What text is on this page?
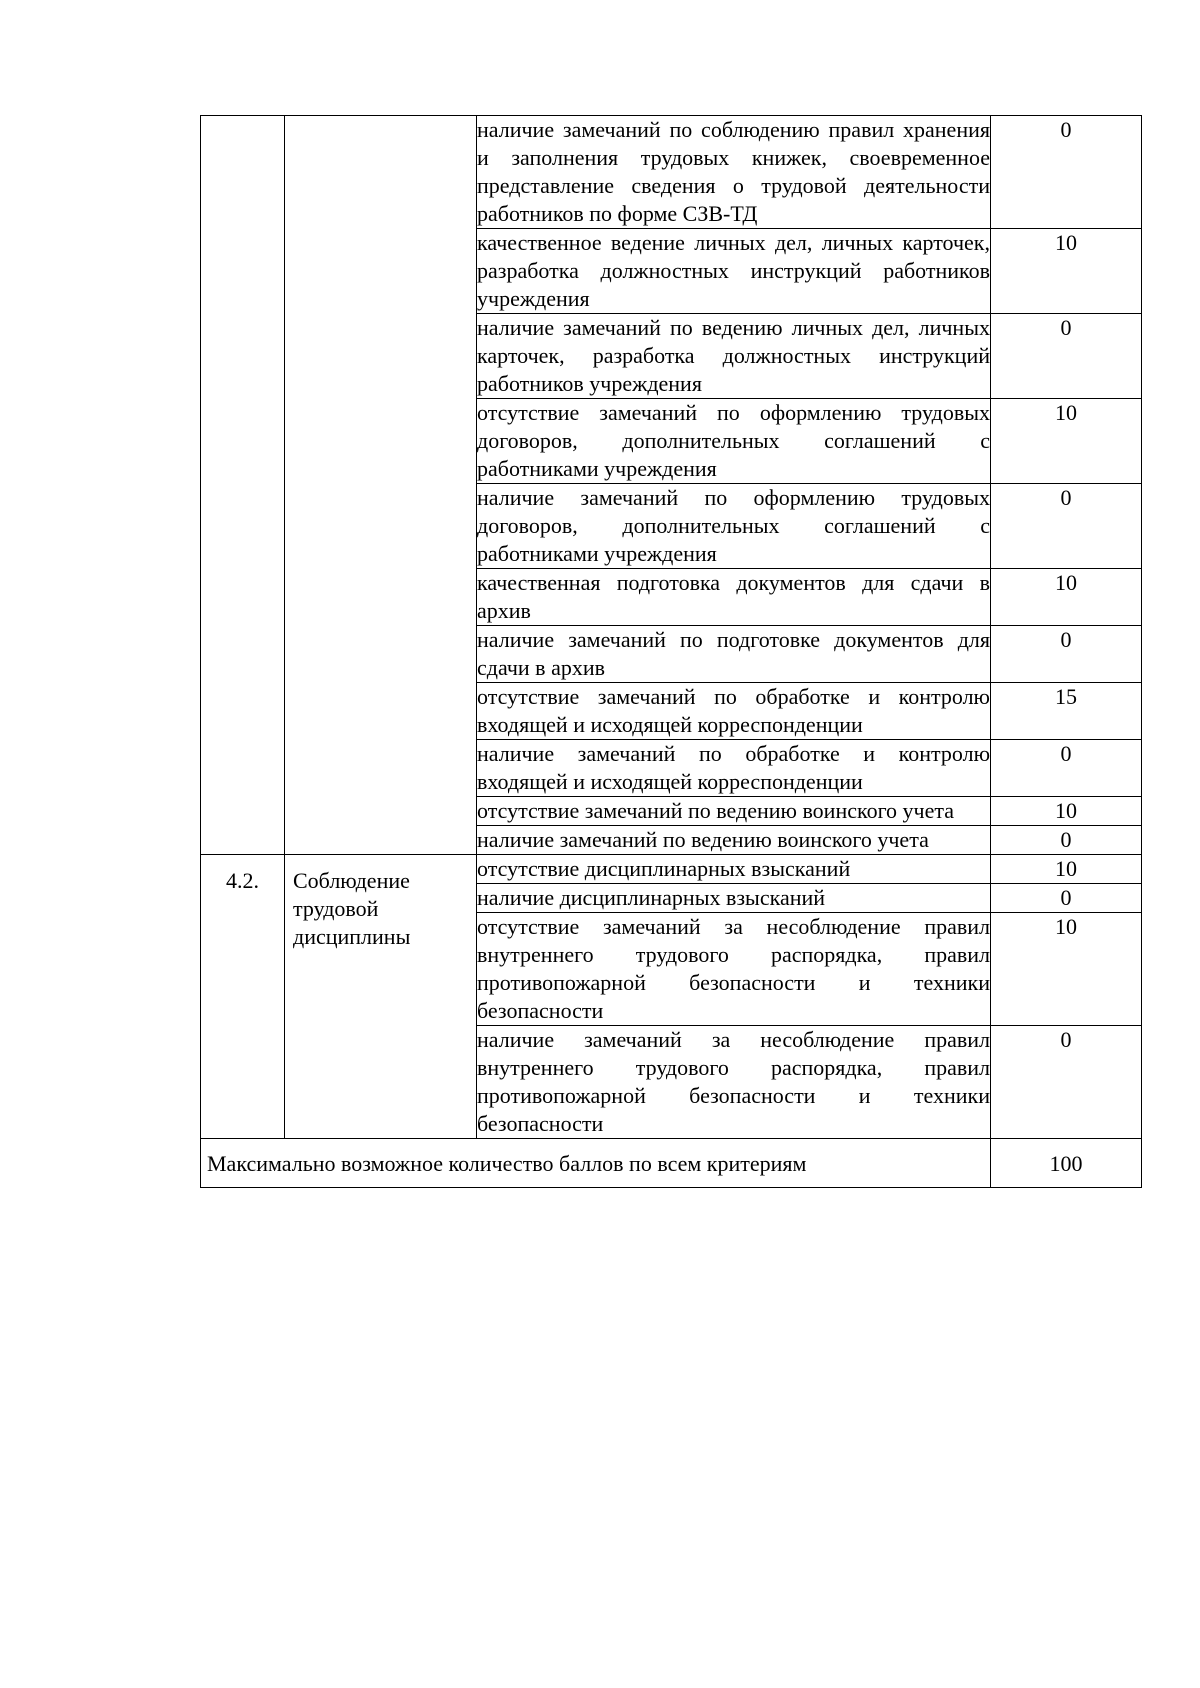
		наличие замечаний по соблюдению правил хранения и заполнения трудовых книжек, своевременное представление сведения о трудовой деятельности работников по форме СЗВ-ТД	0
		качественное ведение личных дел, личных карточек, разработка должностных инструкций работников учреждения	10
		наличие замечаний по ведению личных дел, личных карточек, разработка должностных инструкций работников учреждения	0
		отсутствие замечаний по оформлению трудовых договоров, дополнительных соглашений с работниками учреждения	10
		наличие замечаний по оформлению трудовых договоров, дополнительных соглашений с работниками учреждения	0
		качественная подготовка документов для сдачи в архив	10
		наличие замечаний по подготовке документов для сдачи в архив	0
		отсутствие замечаний по обработке и контролю входящей и исходящей корреспонденции	15
		наличие замечаний по обработке и контролю входящей и исходящей корреспонденции	0
		отсутствие замечаний по ведению воинского учета	10
		наличие замечаний по ведению воинского учета	0
4.2.	Соблюдение трудовой дисциплины	отсутствие дисциплинарных взысканий	10
		наличие дисциплинарных взысканий	0
		отсутствие замечаний за несоблюдение правил внутреннего трудового распорядка, правил противопожарной безопасности и техники безопасности	10
		наличие замечаний за несоблюдение правил внутреннего трудового распорядка, правил противопожарной безопасности и техники безопасности	0
Максимально возможное количество баллов по всем критериям			100
